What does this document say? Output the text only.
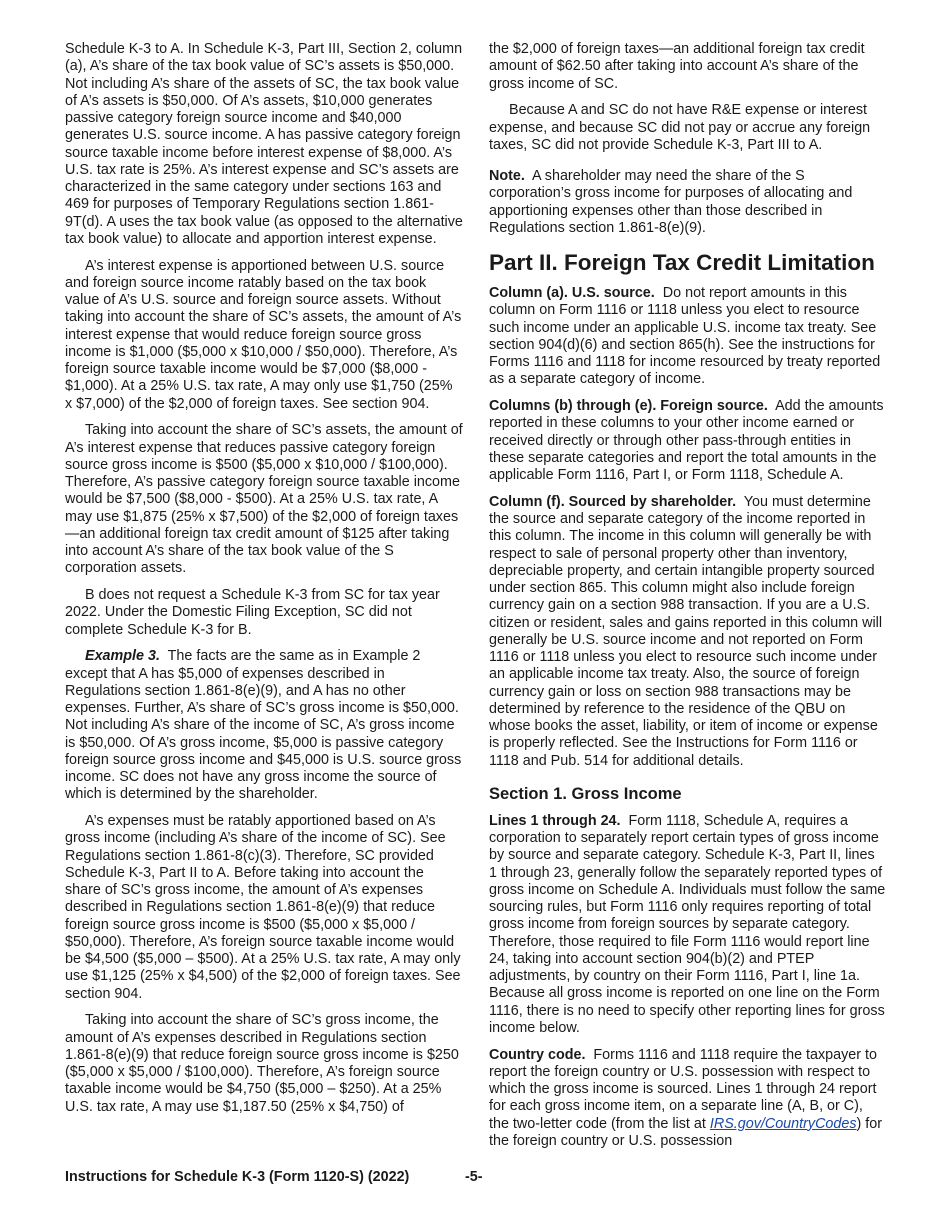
Schedule K-3 to A. In Schedule K-3, Part III, Section 2, column (a), A’s share of the tax book value of SC’s assets is $50,000. Not including A’s share of the assets of SC, the tax book value of A’s assets is $50,000. Of A’s assets, $10,000 generates passive category foreign source income and $40,000 generates U.S. source income. A has passive category foreign source taxable income before interest expense of $8,000. A’s U.S. tax rate is 25%. A’s interest expense and SC’s assets are characterized in the same category under sections 163 and 469 for purposes of Temporary Regulations section 1.861-9T(d). A uses the tax book value (as opposed to the alternative tax book value) to allocate and apportion interest expense.

A’s interest expense is apportioned between U.S. source and foreign source income ratably based on the tax book value of A’s U.S. source and foreign source assets. Without taking into account the share of SC’s assets, the amount of A’s interest expense that would reduce foreign source gross income is $1,000 ($5,000 x $10,000 / $50,000). Therefore, A’s foreign source taxable income would be $7,000 ($8,000 - $1,000). At a 25% U.S. tax rate, A may only use $1,750 (25% x $7,000) of the $2,000 of foreign taxes. See section 904.

Taking into account the share of SC’s assets, the amount of A’s interest expense that reduces passive category foreign source gross income is $500 ($5,000 x $10,000 / $100,000). Therefore, A’s passive category foreign source taxable income would be $7,500 ($8,000 - $500). At a 25% U.S. tax rate, A may use $1,875 (25% x $7,500) of the $2,000 of foreign taxes—an additional foreign tax credit amount of $125 after taking into account A’s share of the tax book value of the S corporation assets.

B does not request a Schedule K-3 from SC for tax year 2022. Under the Domestic Filing Exception, SC did not complete Schedule K-3 for B.

Example 3. The facts are the same as in Example 2 except that A has $5,000 of expenses described in Regulations section 1.861-8(e)(9), and A has no other expenses. Further, A’s share of SC’s gross income is $50,000. Not including A’s share of the income of SC, A’s gross income is $50,000. Of A’s gross income, $5,000 is passive category foreign source gross income and $45,000 is U.S. source gross income. SC does not have any gross income the source of which is determined by the shareholder.

A’s expenses must be ratably apportioned based on A’s gross income (including A’s share of the income of SC). See Regulations section 1.861-8(c)(3). Therefore, SC provided Schedule K-3, Part II to A. Before taking into account the share of SC’s gross income, the amount of A’s expenses described in Regulations section 1.861-8(e)(9) that reduce foreign source gross income is $500 ($5,000 x $5,000 / $50,000). Therefore, A’s foreign source taxable income would be $4,500 ($5,000 – $500). At a 25% U.S. tax rate, A may only use $1,125 (25% x $4,500) of the $2,000 of foreign taxes. See section 904.

Taking into account the share of SC’s gross income, the amount of A’s expenses described in Regulations section 1.861-8(e)(9) that reduce foreign source gross income is $250 ($5,000 x $5,000 / $100,000). Therefore, A’s foreign source taxable income would be $4,750 ($5,000 – $250). At a 25% U.S. tax rate, A may use $1,187.50 (25% x $4,750) of

the $2,000 of foreign taxes—an additional foreign tax credit amount of $62.50 after taking into account A’s share of the gross income of SC.

Because A and SC do not have R&E expense or interest expense, and because SC did not pay or accrue any foreign taxes, SC did not provide Schedule K-3, Part III to A.

Note. A shareholder may need the share of the S corporation’s gross income for purposes of allocating and apportioning expenses other than those described in Regulations section 1.861-8(e)(9).

Part II. Foreign Tax Credit Limitation

Column (a). U.S. source. Do not report amounts in this column on Form 1116 or 1118 unless you elect to resource such income under an applicable U.S. income tax treaty. See section 904(d)(6) and section 865(h). See the instructions for Forms 1116 and 1118 for income resourced by treaty reported as a separate category of income.

Columns (b) through (e). Foreign source. Add the amounts reported in these columns to your other income earned or received directly or through other pass-through entities in these separate categories and report the total amounts in the applicable Form 1116, Part I, or Form 1118, Schedule A.

Column (f). Sourced by shareholder. You must determine the source and separate category of the income reported in this column. The income in this column will generally be with respect to sale of personal property other than inventory, depreciable property, and certain intangible property sourced under section 865. This column might also include foreign currency gain on a section 988 transaction. If you are a U.S. citizen or resident, sales and gains reported in this column will generally be U.S. source income and not reported on Form 1116 or 1118 unless you elect to resource such income under an applicable income tax treaty. Also, the source of foreign currency gain or loss on section 988 transactions may be determined by reference to the residence of the QBU on whose books the asset, liability, or item of income or expense is properly reflected. See the Instructions for Form 1116 or 1118 and Pub. 514 for additional details.

Section 1. Gross Income

Lines 1 through 24. Form 1118, Schedule A, requires a corporation to separately report certain types of gross income by source and separate category. Schedule K-3, Part II, lines 1 through 23, generally follow the separately reported types of gross income on Schedule A. Individuals must follow the same sourcing rules, but Form 1116 only requires reporting of total gross income from foreign sources by separate category. Therefore, those required to file Form 1116 would report line 24, taking into account section 904(b)(2) and PTEP adjustments, by country on their Form 1116, Part I, line 1a. Because all gross income is reported on one line on the Form 1116, there is no need to specify other reporting lines for gross income below.

Country code. Forms 1116 and 1118 require the taxpayer to report the foreign country or U.S. possession with respect to which the gross income is sourced. Lines 1 through 24 report for each gross income item, on a separate line (A, B, or C), the two-letter code (from the list at IRS.gov/CountryCodes) for the foreign country or U.S. possession

Instructions for Schedule K-3 (Form 1120-S) (2022)	-5-
